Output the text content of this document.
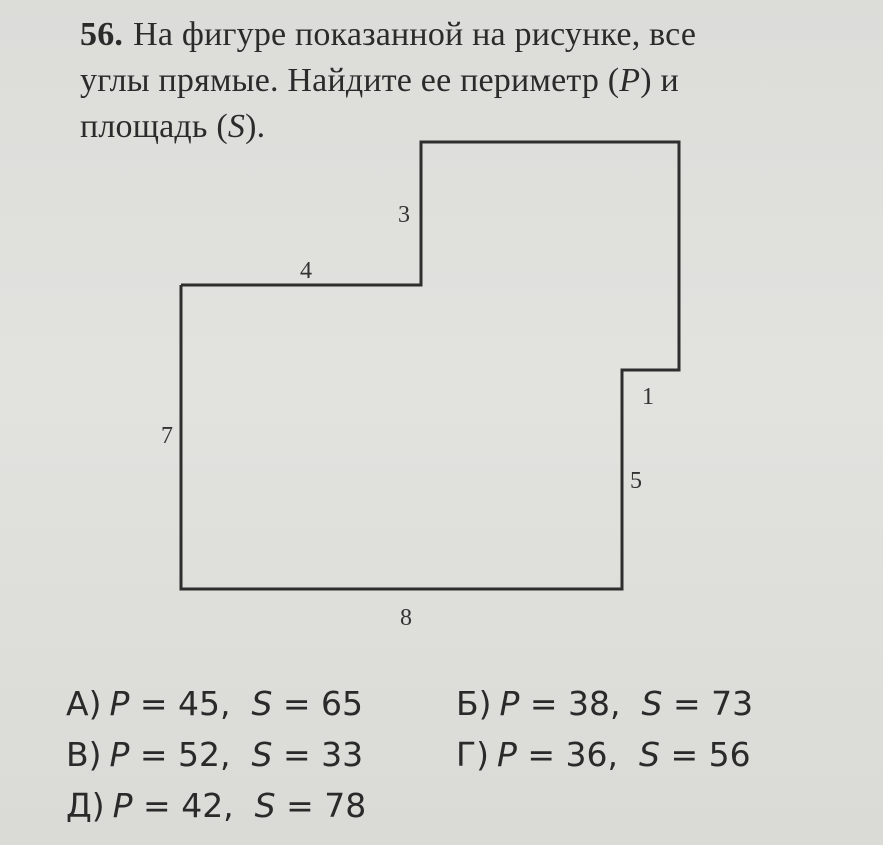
56. На фигуре показанной на рисунке, все
углы прямые. Найдите ее периметр (P) и
площадь (S).
3
4
7
1
5
8
А) P = 45,  S = 65	Б) P = 38,  S = 73
В) P = 52,  S = 33	Г) P = 36,  S = 56
Д) P = 42,  S = 78
